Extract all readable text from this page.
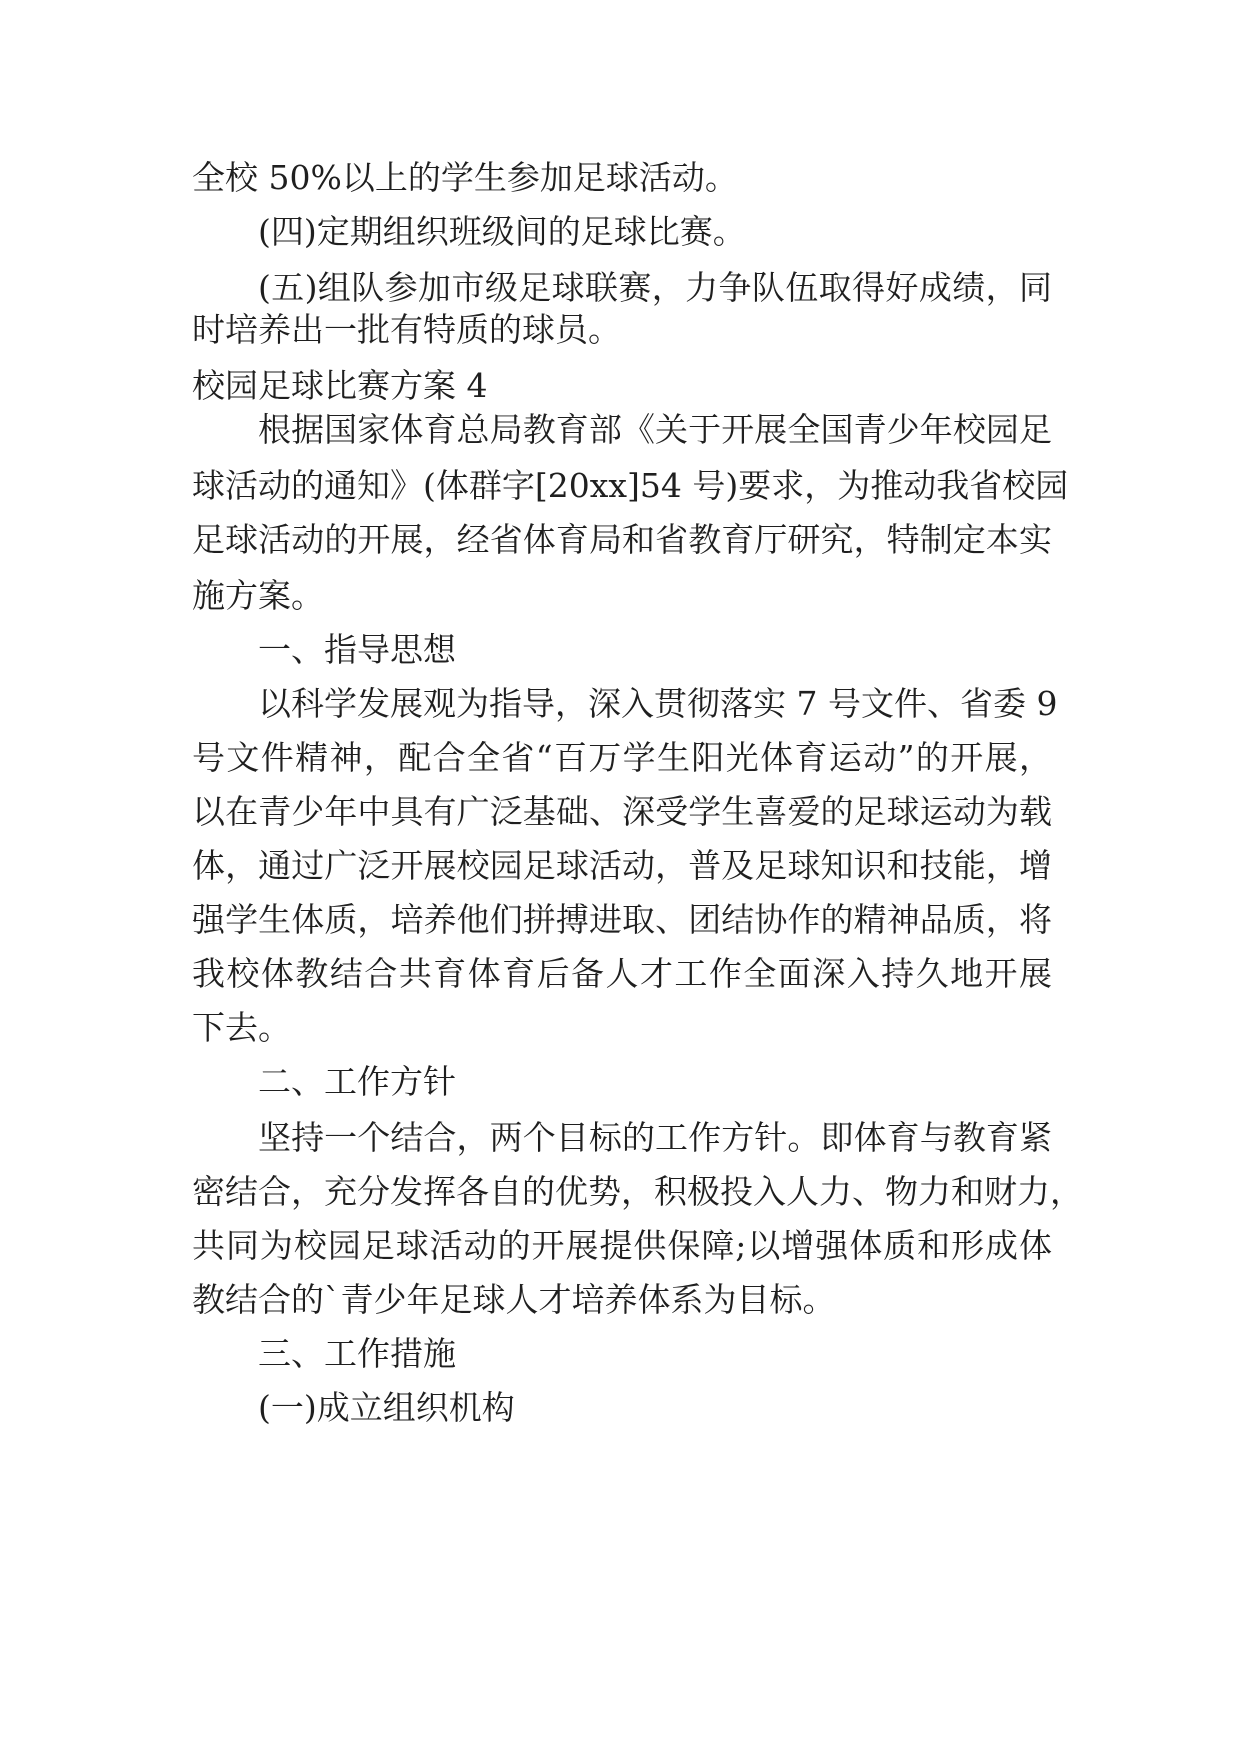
全校 50%以上的学生参加足球活动。
(四)定期组织班级间的足球比赛。
(五)组队参加市级足球联赛，力争队伍取得好成绩，同
时培养出一批有特质的球员。
校园足球比赛方案 4
根据国家体育总局教育部《关于开展全国青少年校园足
球活动的通知》(体群字[20xx]54 号)要求，为推动我省校园
足球活动的开展，经省体育局和省教育厅研究，特制定本实
施方案。
一、指导思想
以科学发展观为指导，深入贯彻落实 7 号文件、省委 9
号文件精神，配合全省“百万学生阳光体育运动”的开展，
以在青少年中具有广泛基础、深受学生喜爱的足球运动为载
体，通过广泛开展校园足球活动，普及足球知识和技能，增
强学生体质，培养他们拼搏进取、团结协作的精神品质，将
我校体教结合共育体育后备人才工作全面深入持久地开展
下去。
二、工作方针
坚持一个结合，两个目标的工作方针。即体育与教育紧
密结合，充分发挥各自的优势，积极投入人力、物力和财力，
共同为校园足球活动的开展提供保障;以增强体质和形成体
教结合的`青少年足球人才培养体系为目标。
三、工作措施
(一)成立组织机构
